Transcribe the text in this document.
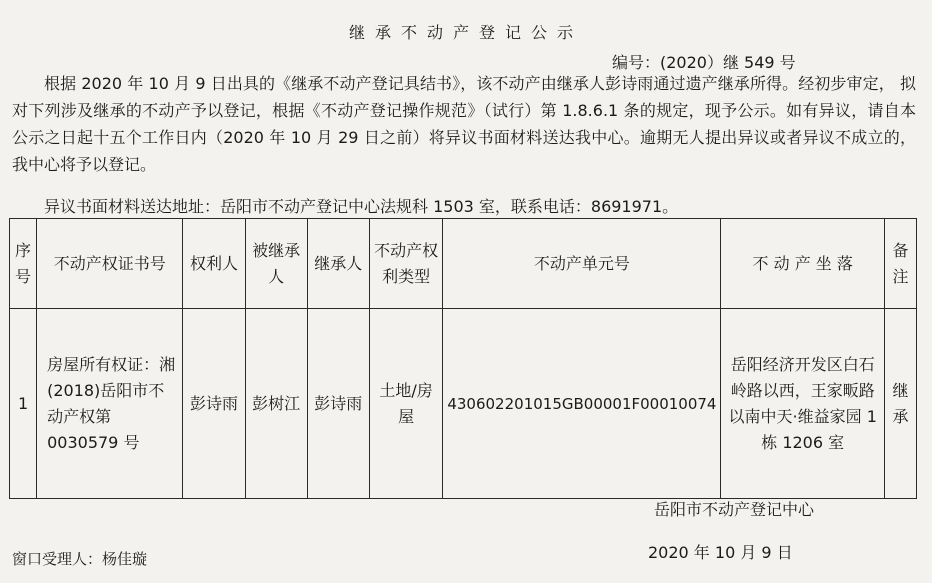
继承不动产登记公示
编号：(2020）继 549 号

根据 2020 年 10 月 9 日出具的《继承不动产登记具结书》，该不动产由继承人彭诗雨通过遗产继承所得。经初步审定， 拟对下列涉及继承的不动产予以登记，根据《不动产登记操作规范》（试行）第 1.8.6.1 条的规定，现予公示。如有异议，请自本公示之日起十五个工作日内（2020 年 10 月 29 日之前）将异议书面材料送达我中心。逾期无人提出异议或者异议不成立的，我中心将予以登记。

异议书面材料送达地址：岳阳市不动产登记中心法规科 1503 室，联系电话：8691971。
序号	不动产权证书号	权利人	被继承人	继承人	不动产权利类型	不动产单元号	不 动 产 坐 落	备注
1	房屋所有权证：湘(2018)岳阳市不动产权第 0030579 号	彭诗雨	彭树江	彭诗雨	土地/房屋	430602201015GB00001F00010074	岳阳经济开发区白石岭路以西，王家畈路以南中天·维益家园 1 栋 1206 室	继承
岳阳市不动产登记中心
2020 年 10 月 9 日
窗口受理人：杨佳璇
